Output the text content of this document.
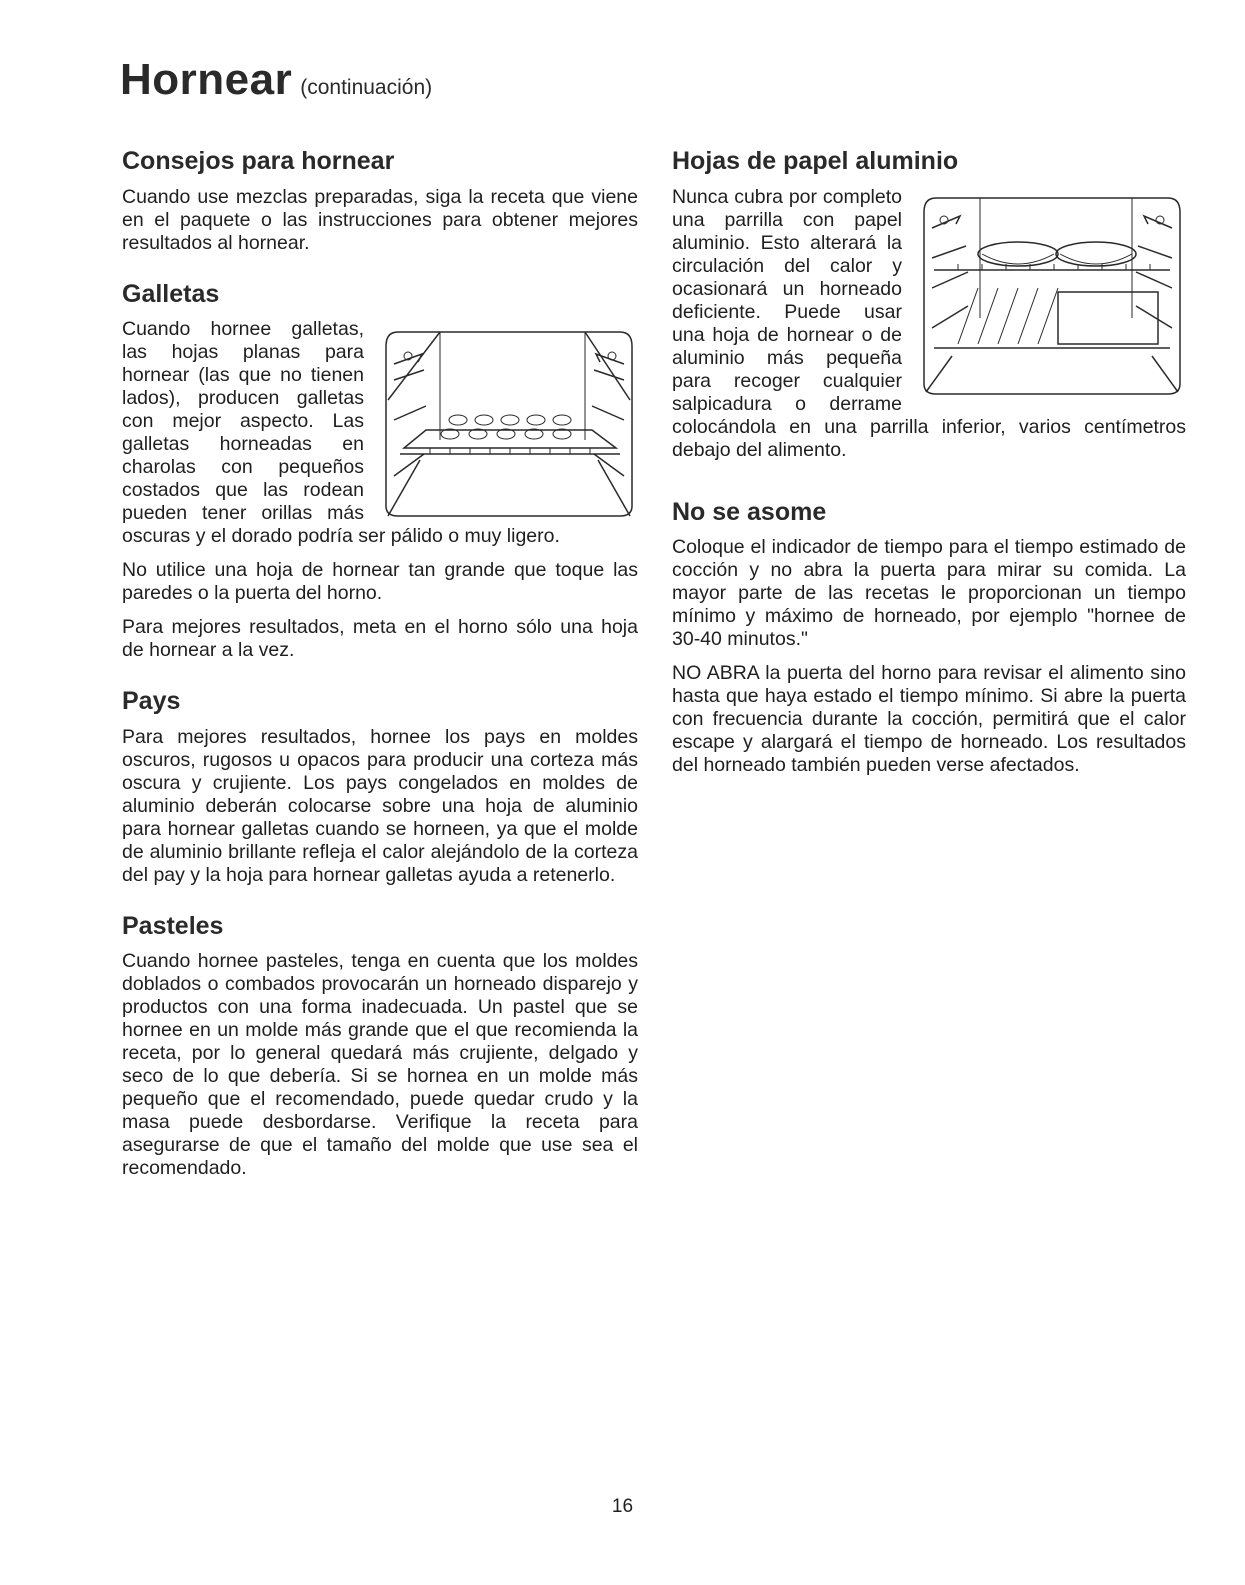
Hornear (continuación)
Consejos para hornear

Cuando use mezclas preparadas, siga la receta que viene en el paquete o las instrucciones para obtener mejores resultados al hornear.

Galletas

Cuando hornee galletas, las hojas planas para hornear (las que no tienen lados), producen galletas con mejor aspecto. Las galletas horneadas en charolas con pequeños costados que las rodean pueden tener orillas más oscuras y el dorado podría ser pálido o muy ligero.

No utilice una hoja de hornear tan grande que toque las paredes o la puerta del horno.

Para mejores resultados, meta en el horno sólo una hoja de hornear a la vez.

Pays

Para mejores resultados, hornee los pays en moldes oscuros, rugosos u opacos para producir una corteza más oscura y crujiente. Los pays congelados en moldes de aluminio deberán colocarse sobre una hoja de aluminio para hornear galletas cuando se horneen, ya que el molde de aluminio brillante refleja el calor alejándolo de la corteza del pay y la hoja para hornear galletas ayuda a retenerlo.

Pasteles

Cuando hornee pasteles, tenga en cuenta que los moldes doblados o combados provocarán un horneado disparejo y productos con una forma inadecuada. Un pastel que se hornee en un molde más grande que el que recomienda la receta, por lo general quedará más crujiente, delgado y seco de lo que debería. Si se hornea en un molde más pequeño que el recomendado, puede quedar crudo y la masa puede desbordarse. Verifique la receta para asegurarse de que el tamaño del molde que use sea el recomendado.

Hojas de papel aluminio

Nunca cubra por completo una parrilla con papel aluminio. Esto alterará la circulación del calor y ocasionará un horneado deficiente. Puede usar una hoja de hornear o de aluminio más pequeña para recoger cualquier salpicadura o derrame colocándola en una parrilla inferior, varios centímetros debajo del alimento.

No se asome

Coloque el indicador de tiempo para el tiempo estimado de cocción y no abra la puerta para mirar su comida. La mayor parte de las recetas le proporcionan un tiempo mínimo y máximo de horneado, por ejemplo "hornee de 30-40 minutos."

NO ABRA la puerta del horno para revisar el alimento sino hasta que haya estado el tiempo mínimo. Si abre la puerta con frecuencia durante la cocción, permitirá que el calor escape y alargará el tiempo de horneado. Los resultados del horneado también pueden verse afectados.

16
